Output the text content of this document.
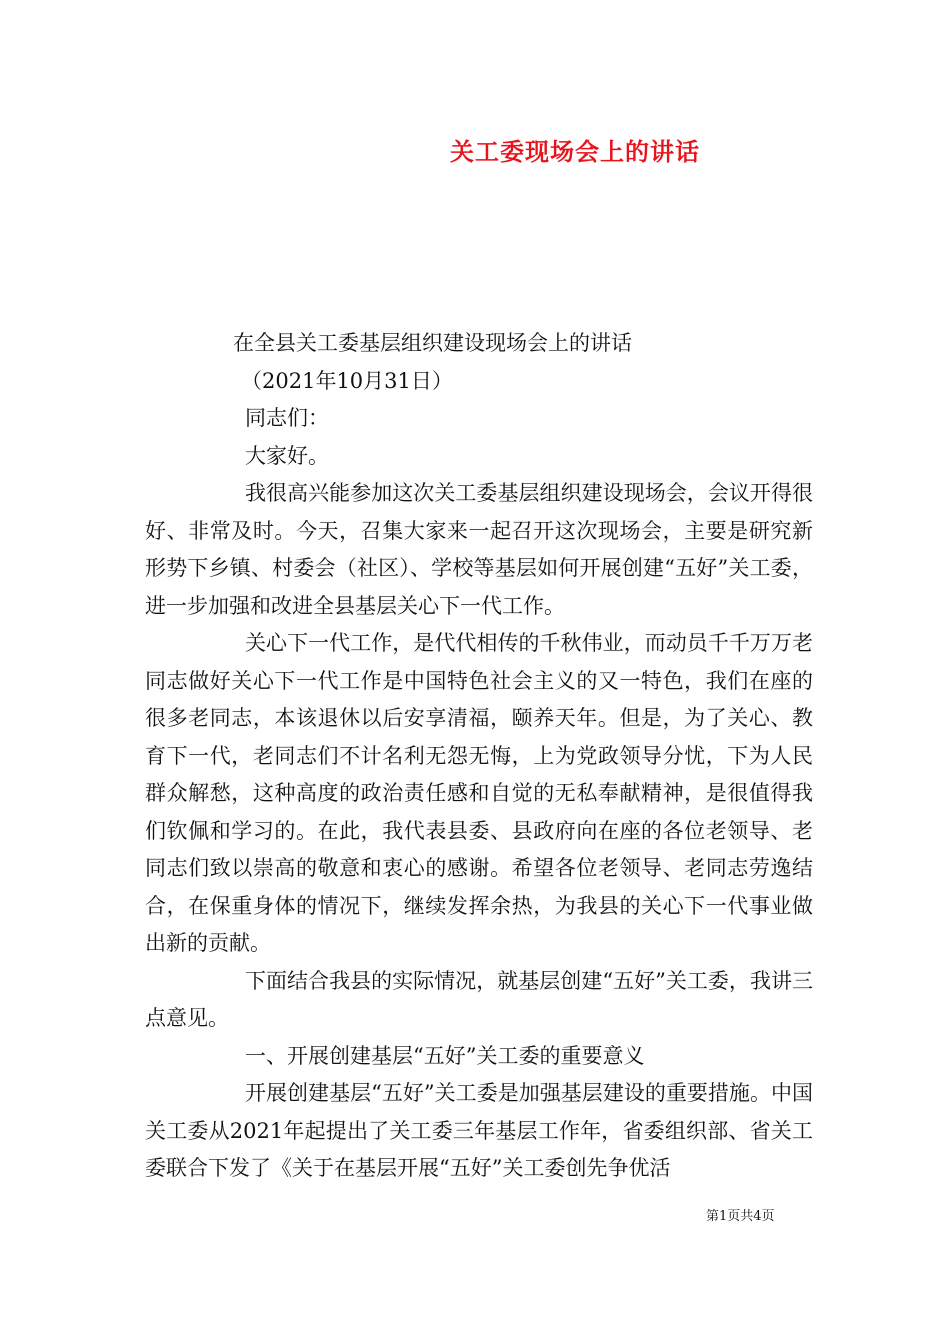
关工委现场会上的讲话

在全县关工委基层组织建设现场会上的讲话

（2021年10月31日）

同志们：

大家好。

我很高兴能参加这次关工委基层组织建设现场会，会议开得很好、非常及时。今天，召集大家来一起召开这次现场会，主要是研究新形势下乡镇、村委会（社区）、学校等基层如何开展创建“五好”关工委，进一步加强和改进全县基层关心下一代工作。

关心下一代工作，是代代相传的千秋伟业，而动员千千万万老同志做好关心下一代工作是中国特色社会主义的又一特色，我们在座的很多老同志，本该退休以后安享清福，颐养天年。但是，为了关心、教育下一代，老同志们不计名利无怨无悔，上为党政领导分忧，下为人民群众解愁，这种高度的政治责任感和自觉的无私奉献精神，是很值得我们钦佩和学习的。在此，我代表县委、县政府向在座的各位老领导、老同志们致以崇高的敬意和衷心的感谢。希望各位老领导、老同志劳逸结合，在保重身体的情况下，继续发挥余热，为我县的关心下一代事业做出新的贡献。

下面结合我县的实际情况，就基层创建“五好”关工委，我讲三点意见。

一、开展创建基层“五好”关工委的重要意义

开展创建基层“五好”关工委是加强基层建设的重要措施。中国关工委从2021年起提出了关工委三年基层工作年，省委组织部、省关工委联合下发了《关于在基层开展“五好”关工委创先争优活

第1页共4页
